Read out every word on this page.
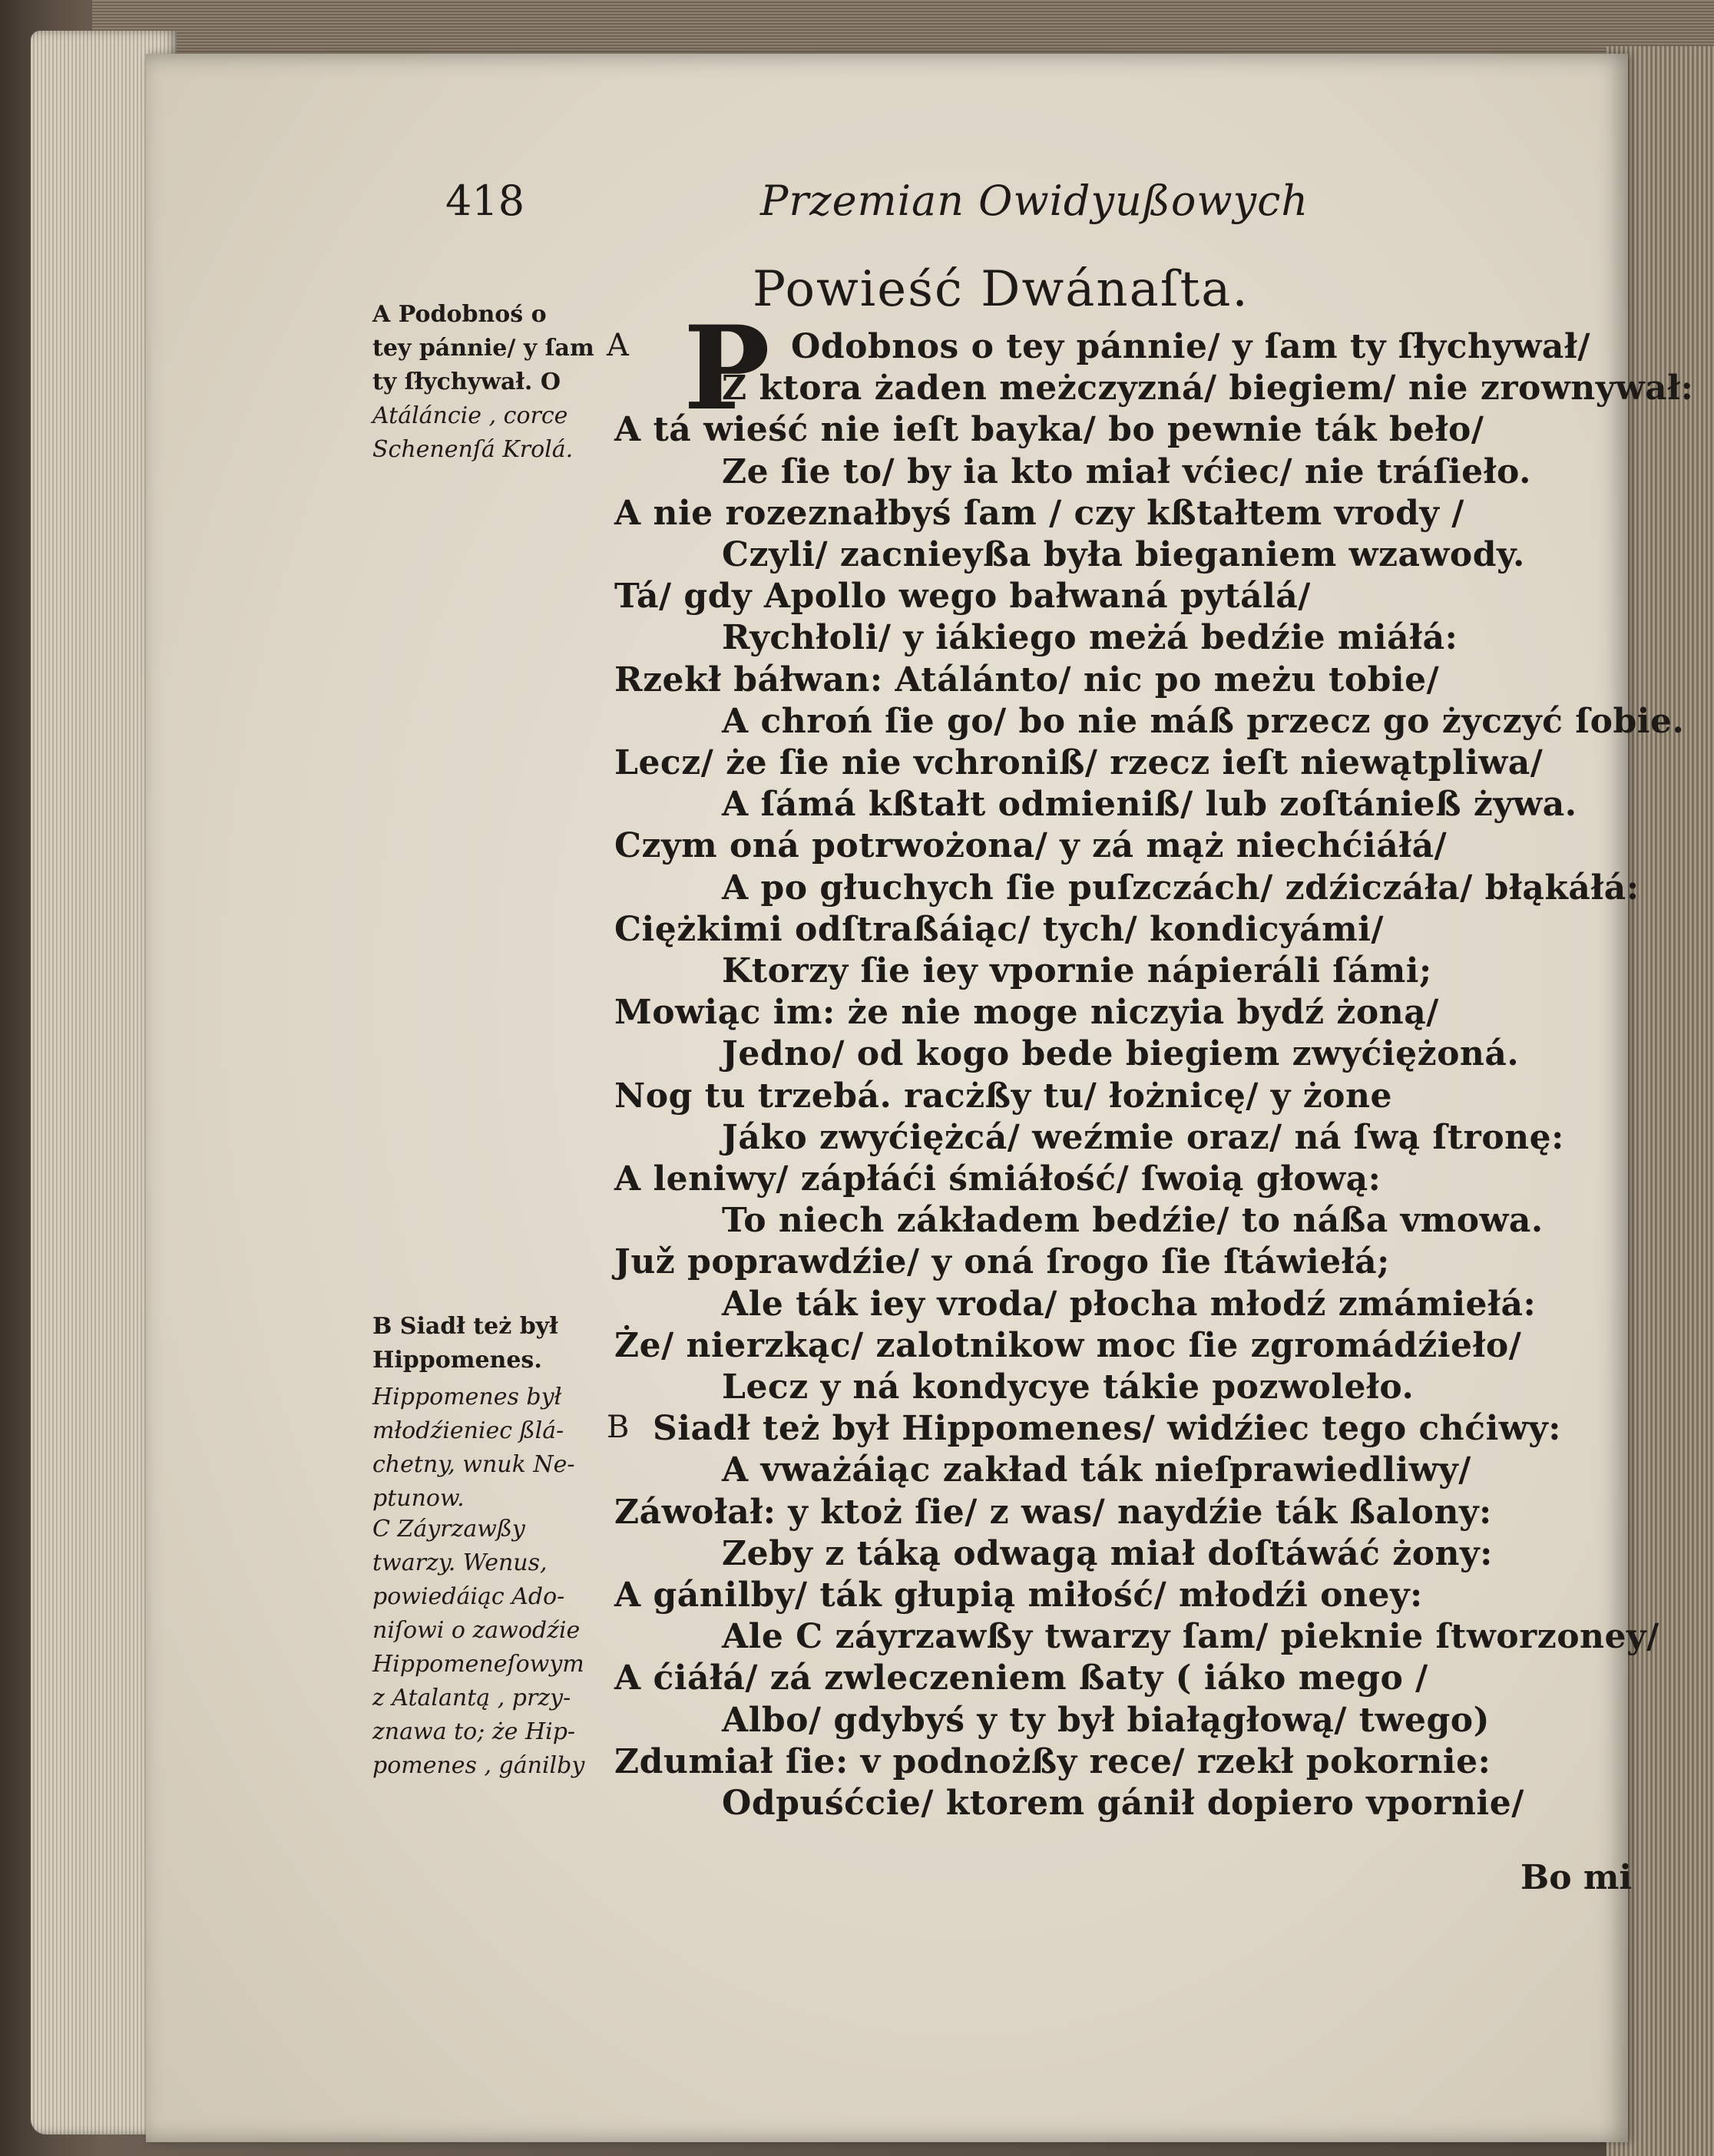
418	Przemian Owidyußowych
Powieść Dwánaſta.
P
A	Odobnos o tey pánnie/ y ſam ty ſłychywał/
Z ktora żaden meżczyzná/ biegiem/ nie zrownywał:
A tá wieść nie ieſt bayka/ bo pewnie ták beło/
Ze ſie to/ by ia kto miał vćiec/ nie tráſieło.
A nie rozeznałbyś ſam / czy kßtałtem vrody /
Czyli/ zacnieyßa była bieganiem wzawody.
Tá/ gdy Apollo wego bałwaná pytálá/
Rychłoli/ y iákiego meżá bedźie miáłá:
Rzekł báłwan: Atálánto/ nic po meżu tobie/
A chroń ſie go/ bo nie máß przecz go życzyć ſobie.
Lecz/ że ſie nie vchroniß/ rzecz ieſt niewątpliwa/
A ſámá kßtałt odmieniß/ lub zoſtánieß żywa.
Czym oná potrwożona/ y zá mąż niechćiáłá/
A po głuchych ſie puſzczách/ zdźiczáła/ błąkáłá:
Ciężkimi odſtraßáiąc/ tych/ kondicyámi/
Ktorzy ſie iey vpornie nápieráli ſámi;
Mowiąc im: że nie moge niczyia bydź żoną/
Jedno/ od kogo bede biegiem zwyćiężoná.
Nog tu trzebá. racżßy tu/ łożnicę/ y żone
Jáko zwyćiężcá/ weźmie oraz/ ná ſwą ſtronę:
A leniwy/ zápłáći śmiáłość/ ſwoią głową:
To niech zákładem bedźie/ to náßa vmowa.
Juž poprawdźie/ y oná ſrogo ſie ſtáwiełá;
Ale ták iey vroda/ płocha młodź zmámiełá:
Że/ nierzkąc/ zalotnikow moc ſie zgromádźieło/
Lecz y ná kondycye tákie pozwoleło.
B Siadł też był Hippomenes/ widźiec tego chćiwy:
A vważáiąc zakład ták nieſprawiedliwy/
Záwołał: y ktoż ſie/ z was/ naydźie ták ßalony:
Zeby z táką odwagą miał doſtáwáć żony:
A gánilby/ ták głupią miłość/ młodźi oney:
Ale C záyrzawßy twarzy ſam/ pieknie ſtworzoney/
A ćiáłá/ zá zwleczeniem ßaty ( iáko mego /
Albo/ gdybyś y ty był białągłową/ twego)
Zdumiał ſie: v podnożßy rece/ rzekł pokornie:
Odpuśćcie/ ktorem gánił dopiero vpornie/
A Podobnoś o
tey pánnie/ y ſam
ty ſłychywał. O
Atáláncie , corce
Schenenſá Krolá.
B Siadł też był
Hippomenes.
Hippomenes był
młodźieniec ßlá-
chetny, wnuk Ne-
ptunow.
C Záyrzawßy
twarzy. Wenus,
powiedáiąc Ado-
niſowi o zawodźie
Hippomeneſowym
z Atalantą , przy-
znawa to; że Hip-
pomenes , gánilby
Bo mi
